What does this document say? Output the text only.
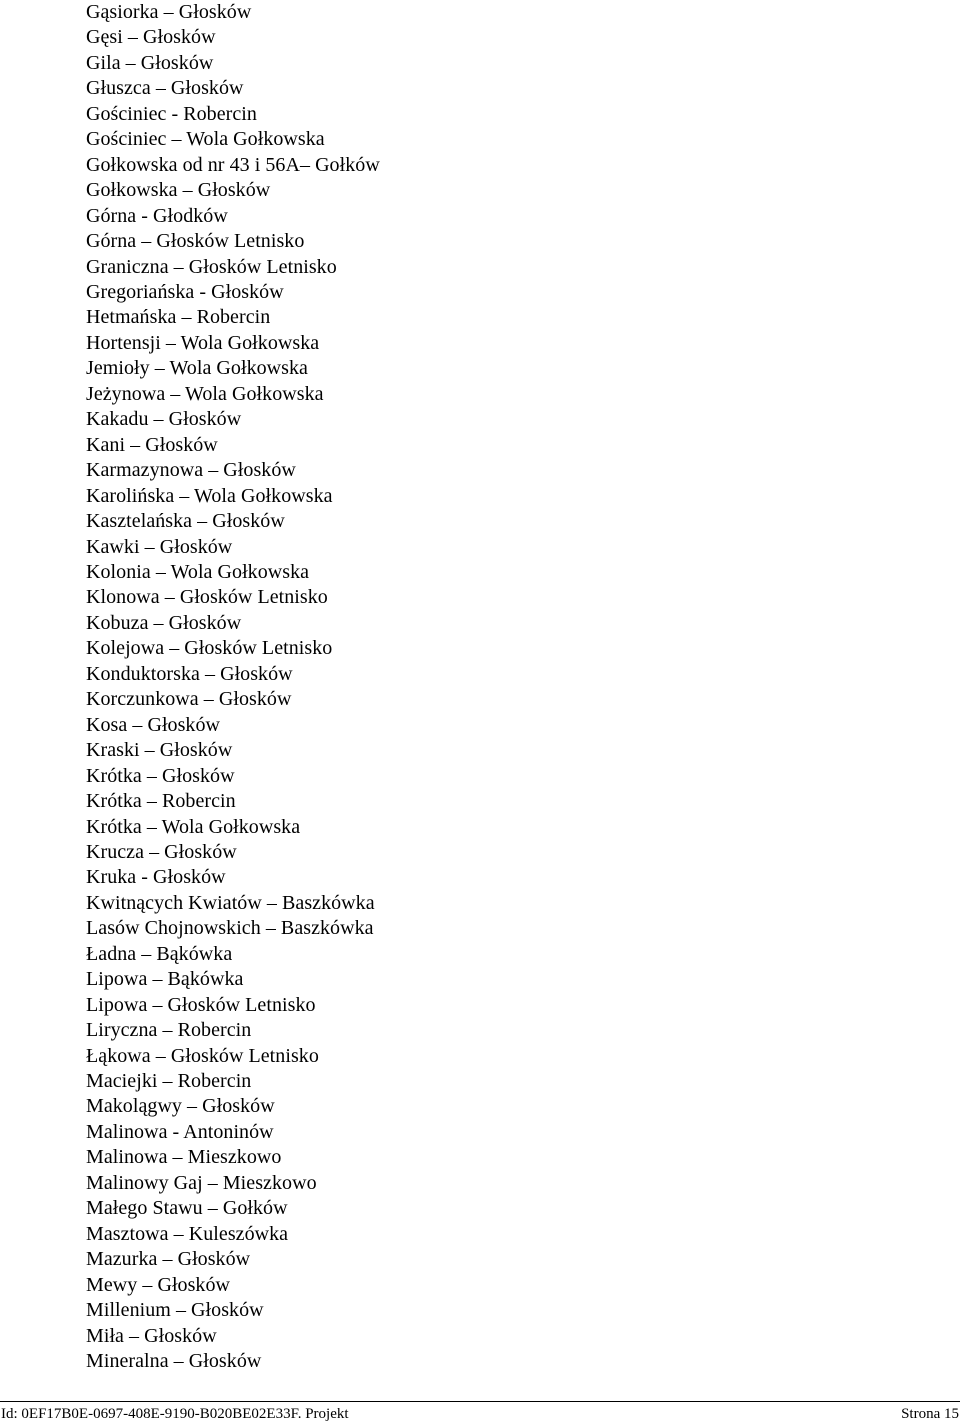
Gąsiorka – Głosków
Gęsi – Głosków
Gila – Głosków
Głuszca – Głosków
Gościniec - Robercin
Gościniec – Wola Gołkowska
Gołkowska od nr 43 i 56A– Gołków
Gołkowska – Głosków
Górna - Głodków
Górna – Głosków Letnisko
Graniczna – Głosków Letnisko
Gregoriańska - Głosków
Hetmańska – Robercin
Hortensji – Wola Gołkowska
Jemioły – Wola Gołkowska
Jeżynowa – Wola Gołkowska
Kakadu – Głosków
Kani – Głosków
Karmazynowa – Głosków
Karolińska – Wola Gołkowska
Kasztelańska – Głosków
Kawki – Głosków
Kolonia – Wola Gołkowska
Klonowa – Głosków Letnisko
Kobuza – Głosków
Kolejowa – Głosków Letnisko
Konduktorska – Głosków
Korczunkowa – Głosków
Kosa – Głosków
Kraski – Głosków
Krótka – Głosków
Krótka – Robercin
Krótka – Wola Gołkowska
Krucza – Głosków
Kruka - Głosków
Kwitnących Kwiatów – Baszkówka
Lasów Chojnowskich – Baszkówka
Ładna – Bąkówka
Lipowa – Bąkówka
Lipowa – Głosków Letnisko
Liryczna – Robercin
Łąkowa – Głosków Letnisko
Maciejki – Robercin
Makolągwy – Głosków
Malinowa - Antoninów
Malinowa – Mieszkowo
Malinowy Gaj – Mieszkowo
Małego Stawu – Gołków
Masztowa – Kuleszówka
Mazurka – Głosków
Mewy – Głosków
Millenium – Głosków
Miła – Głosków
Mineralna – Głosków
Id: 0EF17B0E-0697-408E-9190-B020BE02E33F. Projekt	Strona 15
